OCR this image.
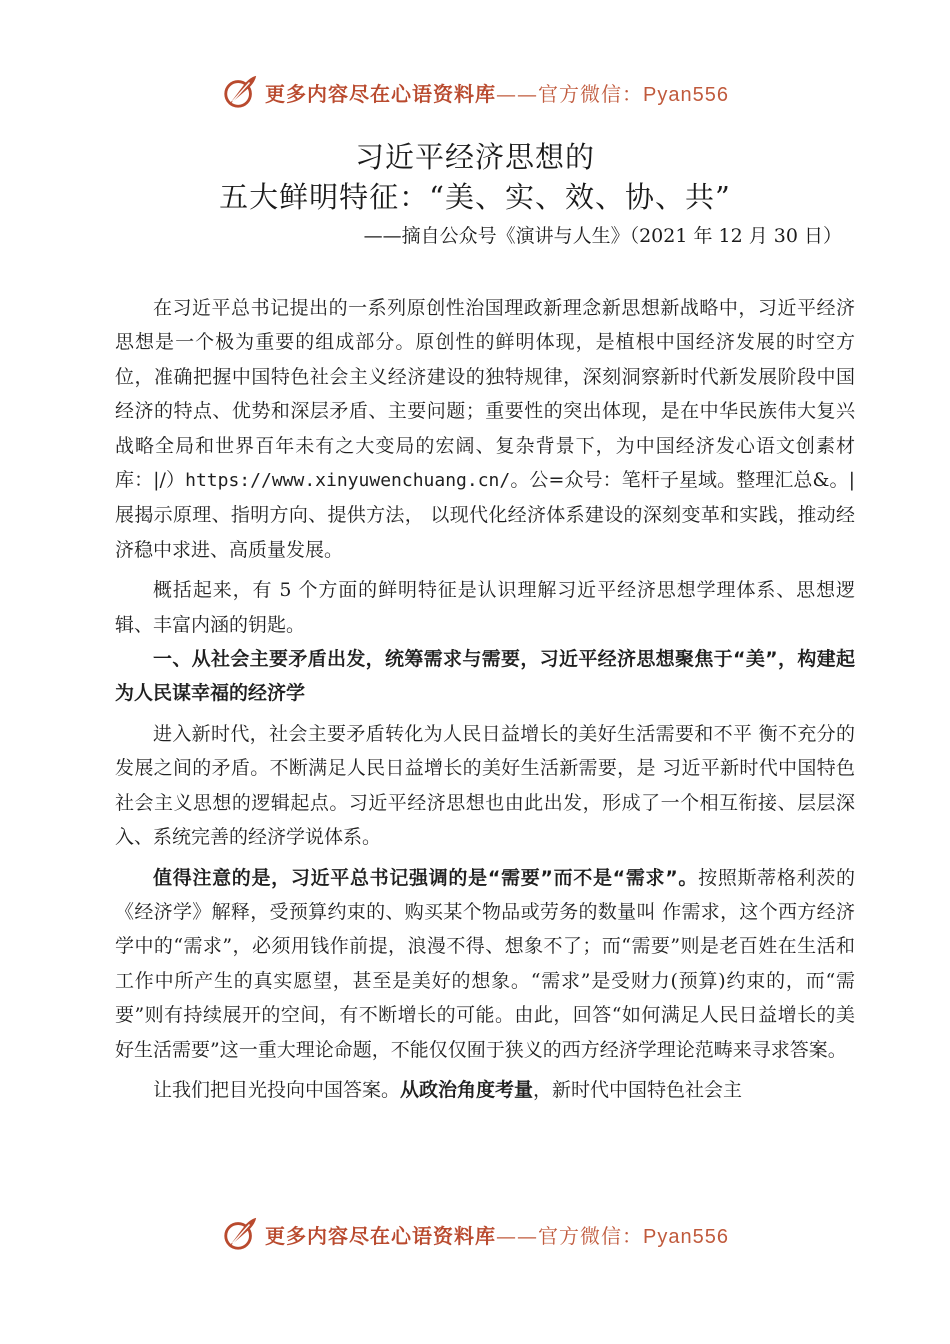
更多内容尽在心语资料库——官方微信：Pyan556
习近平经济思想的
五大鲜明特征：“美、实、效、协、共”
——摘自公众号《演讲与人生》（2021 年 12 月 30 日）

在习近平总书记提出的一系列原创性治国理政新理念新思想新战略中，习近平经济思想是一个极为重要的组成部分。原创性的鲜明体现，是植根中国经济发展的时空方位，准确把握中国特色社会主义经济建设的独特规律，深刻洞察新时代新发展阶段中国经济的特点、优势和深层矛盾、主要问题；重要性的突出体现，是在中华民族伟大复兴战略全局和世界百年未有之大变局的宏阔、复杂背景下，为中国经济发心语文创素材库：|/）https://www.xinyuwenchuang.cn/。公=众号：笔杆子星域。整理汇总&。|展揭示原理、指明方向、提供方法， 以现代化经济体系建设的深刻变革和实践，推动经济稳中求进、高质量发展。

概括起来，有 5 个方面的鲜明特征是认识理解习近平经济思想学理体系、思想逻辑、丰富内涵的钥匙。

一、从社会主要矛盾出发，统筹需求与需要，习近平经济思想聚焦于“美”，构建起为人民谋幸福的经济学

进入新时代，社会主要矛盾转化为人民日益增长的美好生活需要和不平 衡不充分的发展之间的矛盾。不断满足人民日益增长的美好生活新需要，是 习近平新时代中国特色社会主义思想的逻辑起点。习近平经济思想也由此出发，形成了一个相互衔接、层层深入、系统完善的经济学说体系。

值得注意的是，习近平总书记强调的是“需要”而不是“需求”。按照斯蒂格利茨的《经济学》解释，受预算约束的、购买某个物品或劳务的数量叫 作需求，这个西方经济学中的“需求”，必须用钱作前提，浪漫不得、想象不了；而“需要”则是老百姓在生活和工作中所产生的真实愿望，甚至是美好的想象。“需求”是受财力(预算)约束的，而“需要”则有持续展开的空间，有不断增长的可能。由此，回答“如何满足人民日益增长的美好生活需要”这一重大理论命题，不能仅仅囿于狭义的西方经济学理论范畴来寻求答案。

让我们把目光投向中国答案。从政治角度考量，新时代中国特色社会主

更多内容尽在心语资料库——官方微信：Pyan556
